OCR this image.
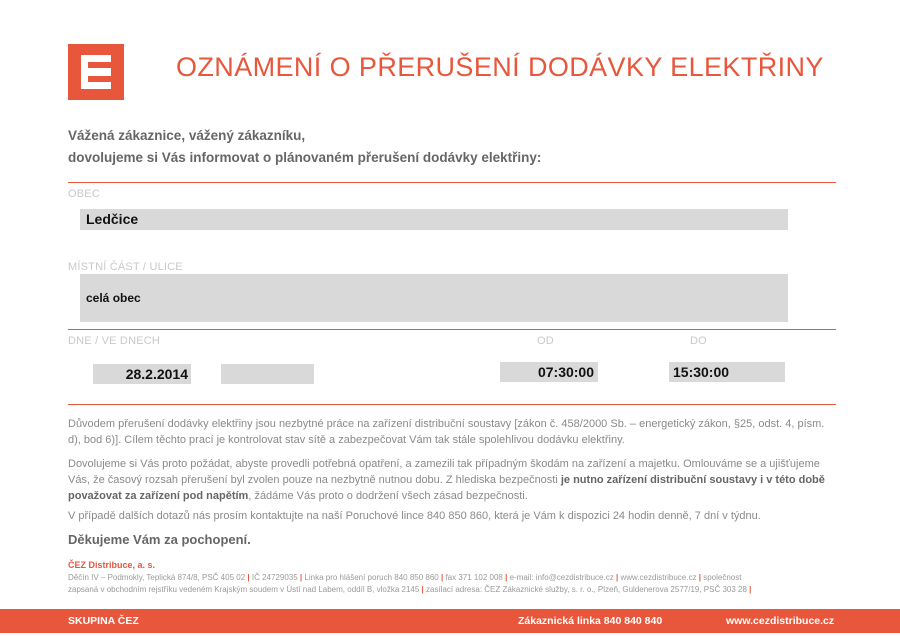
OZNÁMENÍ O PŘERUŠENÍ DODÁVKY ELEKTŘINY
Vážená zákaznice, vážený zákazníku,
dovolujeme si Vás informovat o plánovaném přerušení dodávky elektřiny:
OBEC
Ledčice
MÍSTNÍ ČÁST / ULICE
celá obec
DNE / VE DNECH	OD	DO
28.2.2014	07:30:00	15:30:00
Důvodem přerušení dodávky elektřiny jsou nezbytné práce na zařízení distribuční soustavy [zákon č. 458/2000 Sb. – energetický zákon, §25, odst. 4, písm. d), bod 6)]. Cílem těchto prací je kontrolovat stav sítě a zabezpečovat Vám tak stále spolehlivou dodávku elektřiny.
Dovolujeme si Vás proto požádat, abyste provedli potřebná opatření, a zamezili tak případným škodám na zařízení a majetku. Omlouváme se a ujišťujeme Vás, že časový rozsah přerušení byl zvolen pouze na nezbytně nutnou dobu. Z hlediska bezpečnosti je nutno zařízení distribuční soustavy i v této době považovat za zařízení pod napětím, žádáme Vás proto o dodržení všech zásad bezpečnosti.
V případě dalších dotazů nás prosím kontaktujte na naší Poruchové lince 840 850 860, která je Vám k dispozici 24 hodin denně, 7 dní v týdnu.
Děkujeme Vám za pochopení.
ČEZ Distribuce, a. s.
Děčín IV – Podmokly, Teplická 874/8, PSČ 405 02 | IČ 24729035 | Linka pro hlášení poruch 840 850 860 | fax 371 102 008 | e-mail: info@cezdistribuce.cz | www.cezdistribuce.cz | společnost
zapsaná v obchodním rejstříku vedeném Krajským soudem v Ústí nad Labem, oddíl B, vložka 2145 | zasílací adresa: ČEZ Zákaznické služby, s. r. o., Plzeň, Guldenerova 2577/19, PSČ 303 28 |
SKUPINA ČEZ	Zákaznická linka 840 840 840	www.cezdistribuce.cz
